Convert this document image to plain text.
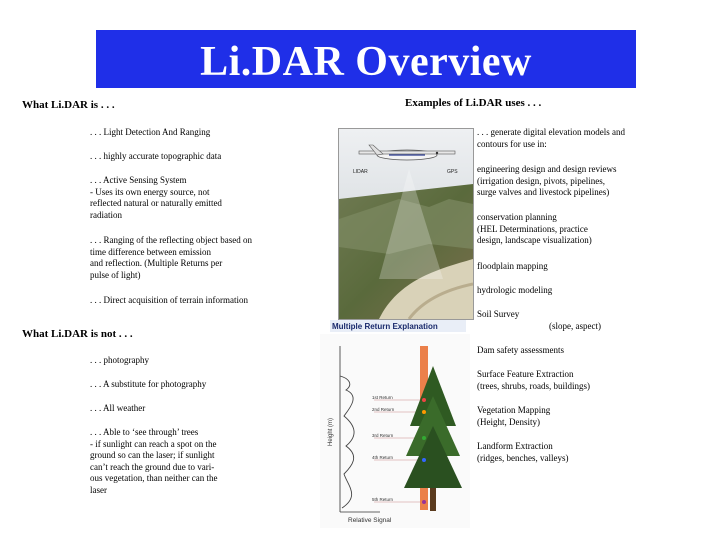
Li.DAR Overview
What Li.DAR is . . .
. . . Light Detection And Ranging
. . . highly accurate topographic data
. . . Active Sensing System
- Uses its own energy source, not
reflected natural or naturally emitted
radiation
. . . Ranging of the reflecting object based on
time difference between emission
and reflection. (Multiple Returns per
pulse of light)
. . . Direct acquisition of terrain information
What Li.DAR is not . . .
. . . photography
. . . A substitute for photography
. . . All weather
. . . Able to ‘see through’ trees
- if sunlight can reach a spot on the
ground so can the laser; if sunlight
can’t reach the ground due to vari-
ous vegetation, than neither can the
laser
Examples of Li.DAR uses . . .
. . . generate digital elevation models and
contours for use in:
engineering design and design reviews
(irrigation design, pivots, pipelines,
surge valves and livestock pipelines)
conservation planning
(HEL Determinations, practice
design, landscape visualization)
floodplain mapping
hydrologic modeling
Soil Survey
(slope, aspect)
Dam safety assessments
Surface Feature Extraction
(trees, shrubs, roads, buildings)
Vegetation Mapping
(Height, Density)
Landform Extraction
(ridges, benches, valleys)
LIDAR	GPS
Multiple Return Explanation
Height (m)
Relative Signal
1st Return
2nd Return
3rd Return
4th Return
5th Return
